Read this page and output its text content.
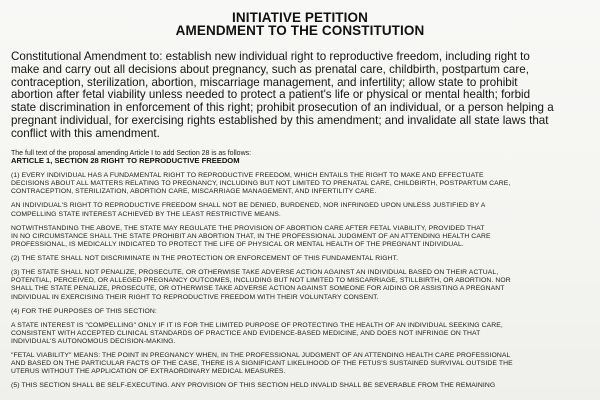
INITIATIVE PETITION
AMENDMENT TO THE CONSTITUTION
Constitutional Amendment to: establish new individual right to reproductive freedom, including right to
make and carry out all decisions about pregnancy, such as prenatal care, childbirth, postpartum care,
contraception, sterilization, abortion, miscarriage management, and infertility; allow state to prohibit
abortion after fetal viability unless needed to protect a patient's life or physical or mental health; forbid
state discrimination in enforcement of this right; prohibit prosecution of an individual, or a person helping a
pregnant individual, for exercising rights established by this amendment; and invalidate all state laws that
conflict with this amendment.
The full text of the proposal amending Article I to add Section 28 is as follows:
ARTICLE 1, SECTION 28 RIGHT TO REPRODUCTIVE FREEDOM
(1) EVERY INDIVIDUAL HAS A FUNDAMENTAL RIGHT TO REPRODUCTIVE FREEDOM, WHICH ENTAILS THE RIGHT TO MAKE AND EFFECTUATE
DECISIONS ABOUT ALL MATTERS RELATING TO PREGNANCY, INCLUDING BUT NOT LIMITED TO PRENATAL CARE, CHILDBIRTH, POSTPARTUM CARE,
CONTRACEPTION, STERILIZATION, ABORTION CARE, MISCARRIAGE MANAGEMENT, AND INFERTILITY CARE.
AN INDIVIDUAL'S RIGHT TO REPRODUCTIVE FREEDOM SHALL NOT BE DENIED, BURDENED, NOR INFRINGED UPON UNLESS JUSTIFIED BY A
COMPELLING STATE INTEREST ACHIEVED BY THE LEAST RESTRICTIVE MEANS.
NOTWITHSTANDING THE ABOVE, THE STATE MAY REGULATE THE PROVISION OF ABORTION CARE AFTER FETAL VIABILITY, PROVIDED THAT
IN NO CIRCUMSTANCE SHALL THE STATE PROHIBIT AN ABORTION THAT, IN THE PROFESSIONAL JUDGMENT OF AN ATTENDING HEALTH CARE
PROFESSIONAL, IS MEDICALLY INDICATED TO PROTECT THE LIFE OF PHYSICAL OR MENTAL HEALTH OF THE PREGNANT INDIVIDUAL.
(2) THE STATE SHALL NOT DISCRIMINATE IN THE PROTECTION OR ENFORCEMENT OF THIS FUNDAMENTAL RIGHT.
(3) THE STATE SHALL NOT PENALIZE, PROSECUTE, OR OTHERWISE TAKE ADVERSE ACTION AGAINST AN INDIVIDUAL BASED ON THEIR ACTUAL,
POTENTIAL, PERCEIVED, OR ALLEGED PREGNANCY OUTCOMES, INCLUDING BUT NOT LIMITED TO MISCARRIAGE, STILLBIRTH, OR ABORTION. NOR
SHALL THE STATE PENALIZE, PROSECUTE, OR OTHERWISE TAKE ADVERSE ACTION AGAINST SOMEONE FOR AIDING OR ASSISTING A PREGNANT
INDIVIDUAL IN EXERCISING THEIR RIGHT TO REPRODUCTIVE FREEDOM WITH THEIR VOLUNTARY CONSENT.
(4) FOR THE PURPOSES OF THIS SECTION:
A STATE INTEREST IS "COMPELLING" ONLY IF IT IS FOR THE LIMITED PURPOSE OF PROTECTING THE HEALTH OF AN INDIVIDUAL SEEKING CARE,
CONSISTENT WITH ACCEPTED CLINICAL STANDARDS OF PRACTICE AND EVIDENCE-BASED MEDICINE, AND DOES NOT INFRINGE ON THAT
INDIVIDUAL'S AUTONOMOUS DECISION-MAKING.
"FETAL VIABILITY" MEANS: THE POINT IN PREGNANCY WHEN, IN THE PROFESSIONAL JUDGMENT OF AN ATTENDING HEALTH CARE PROFESSIONAL
AND BASED ON THE PARTICULAR FACTS OF THE CASE, THERE IS A SIGNIFICANT LIKELIHOOD OF THE FETUS'S SUSTAINED SURVIVAL OUTSIDE THE
UTERUS WITHOUT THE APPLICATION OF EXTRAORDINARY MEDICAL MEASURES.
(5) THIS SECTION SHALL BE SELF-EXECUTING. ANY PROVISION OF THIS SECTION HELD INVALID SHALL BE SEVERABLE FROM THE REMAINING
